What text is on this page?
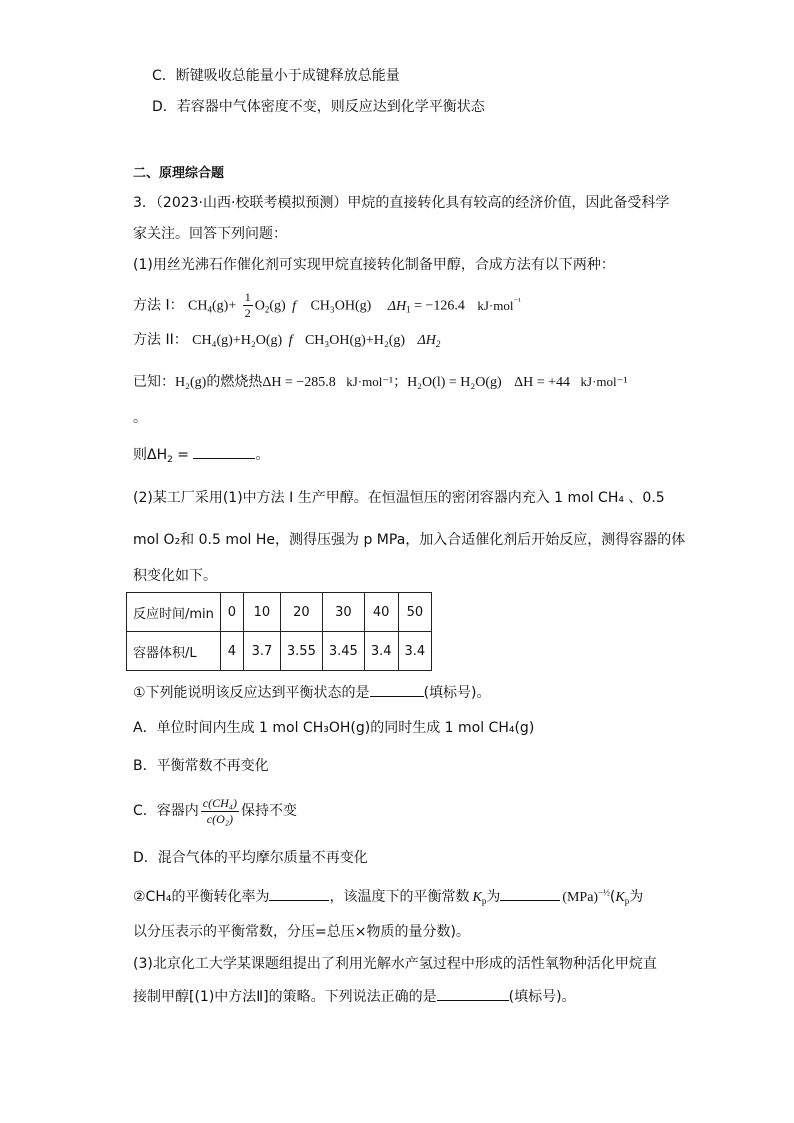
C．断键吸收总能量小于成键释放总能量
D．若容器中气体密度不变，则反应达到化学平衡状态
二、原理综合题
3．（2023·山西·校联考模拟预测）甲烷的直接转化具有较高的经济价值，因此备受科学
家关注。回答下列问题：
(1)用丝光沸石作催化剂可实现甲烷直接转化制备甲醇，合成方法有以下两种：
方法 I： $CH_4(g)+ \frac{1}{2} O_2(g)$ f CH₃OH(g) $\Delta H_1 = -126.4$ kJ·mol$^{^{-1}}$
方法 II： CH₄(g)+H₂O(g) f CH₃OH(g)+H₂(g) $\Delta H_2$
已知：H₂(g)的燃烧热ΔH = −285.8 kJ·mol⁻¹；H₂O(l) = H₂O(g) ΔH = +44 kJ·mol⁻¹
。
则$\Delta H_2$ =	。
(2)某工厂采用(1)中方法 I 生产甲醇。在恒温恒压的密闭容器内充入 1 mol CH₄ 、0.5
mol O₂和 0.5 mol He，测得压强为 p MPa，加入合适催化剂后开始反应，测得容器的体
积变化如下。
反应时间/min	0	10	20	30	40	50
容器体积/L	4	3.7	3.55	3.45	3.4	3.4
①下列能说明该反应达到平衡状态的是	(填标号)。
A．单位时间内生成 1 mol CH₃OH(g)的同时生成 1 mol CH₄(g)
B．平衡常数不再变化
C．容器内 $\frac{\text{c(CH₄)}}{\text{c(O₂)}}$ 保持不变
D．混合气体的平均摩尔质量不再变化
②CH₄的平衡转化率为	，该温度下的平衡常数 $K_p$为	$(MPa)^{-\frac{1}{2}}(K_p$为
以分压表示的平衡常数，分压=总压×物质的量分数)。
(3)北京化工大学某课题组提出了利用光解水产氢过程中形成的活性氧物种活化甲烷直
接制甲醇[(1)中方法Ⅱ]的策略。下列说法正确的是	(填标号)。
